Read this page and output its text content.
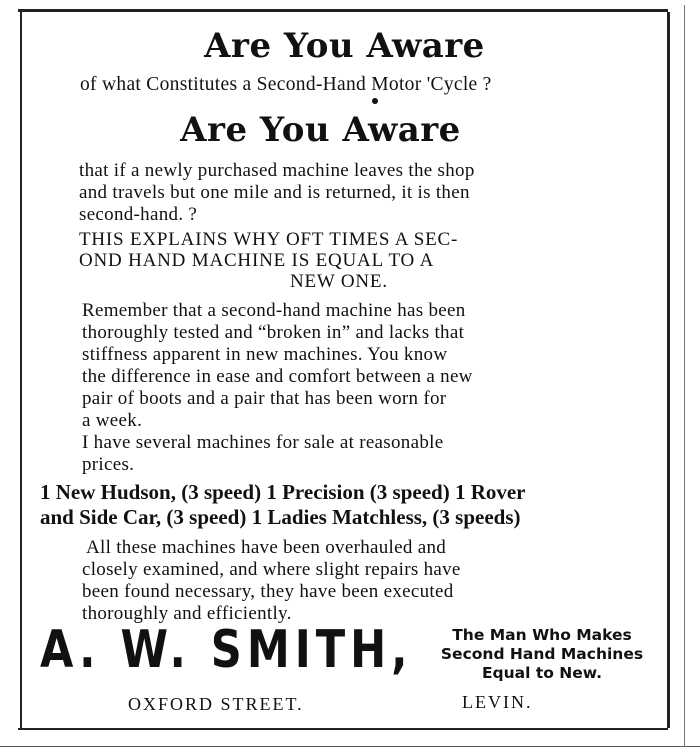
Are You Aware
of what Constitutes a Second-Hand Motor 'Cycle ?
Are You Aware
that if a newly purchased machine leaves the shop
and travels but one mile and is returned, it is then
second-hand. ?
THIS EXPLAINS WHY OFT TIMES A SEC-
OND HAND MACHINE IS EQUAL TO A
NEW ONE.
Remember that a second-hand machine has been
thoroughly tested and “broken in” and lacks that
stiffness apparent in new machines. You know
the difference in ease and comfort between a new
pair of boots and a pair that has been worn for
a week.
I have several machines for sale at reasonable
prices.
1 New Hudson, (3 speed) 1 Precision (3 speed) 1 Rover
and Side Car, (3 speed) 1 Ladies Matchless, (3 speeds)
All these machines have been overhauled and
closely examined, and where slight repairs have
been found necessary, they have been executed
thoroughly and efficiently.
A. W. SMITH,	The Man Who Makes
Second Hand Machines
Equal to New.
OXFORD STREET.	LEVIN.
